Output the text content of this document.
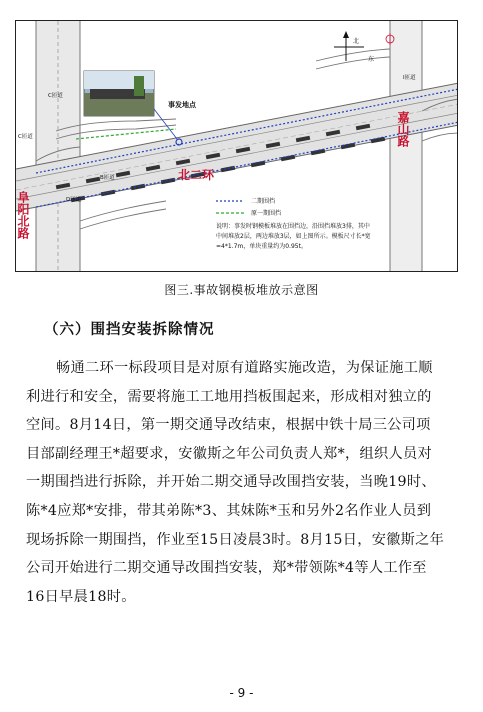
事发地点
北
东
C匝道
C匝道
D匝道
B匝道
I匝道
北二环
嘉山路
阜阳北路	二期围挡
原一期围挡
说明：事发时钢模板堆放在围挡边，沿围挡堆放3排，其中
中间堆放2层，两边堆放3层，如上图所示。模板尺寸长*宽
=4*1.7m，单块重量约为0.95t。
图三.事故钢模板堆放示意图
（六）围挡安装拆除情况
畅通二环一标段项目是对原有道路实施改造，为保证施工顺
利进行和安全，需要将施工工地用挡板围起来，形成相对独立的
空间。8月14日，第一期交通导改结束，根据中铁十局三公司项
目部副经理王*超要求，安徽斯之年公司负责人郑*，组织人员对
一期围挡进行拆除，并开始二期交通导改围挡安装，当晚19时、
陈*4应郑*安排，带其弟陈*3、其妹陈*玉和另外2名作业人员到
现场拆除一期围挡，作业至15日凌晨3时。8月15日，安徽斯之年
公司开始进行二期交通导改围挡安装，郑*带领陈*4等人工作至
16日早晨18时。
- 9 -
